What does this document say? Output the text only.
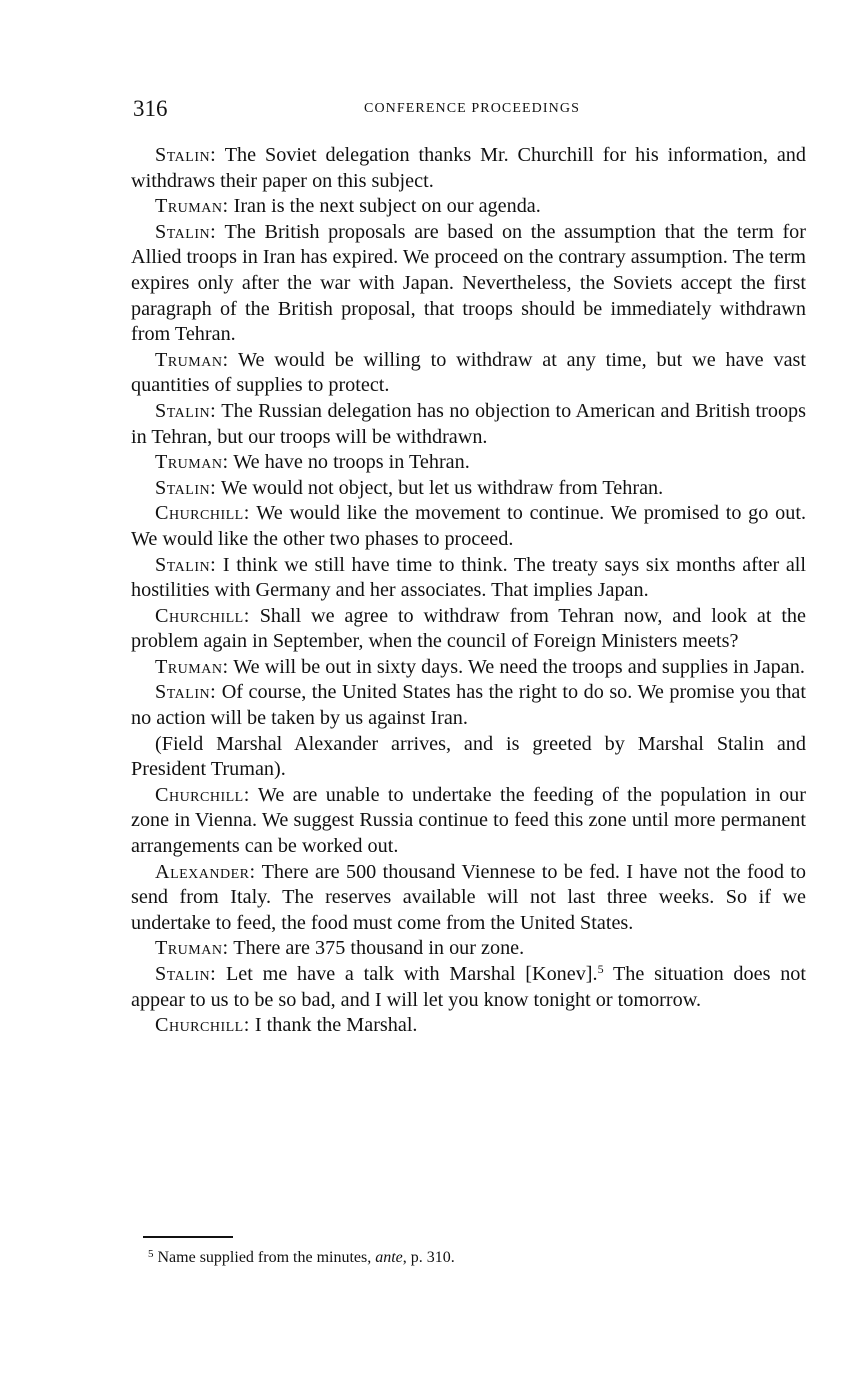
316	CONFERENCE PROCEEDINGS

Stalin: The Soviet delegation thanks Mr. Churchill for his information, and withdraws their paper on this subject.

Truman: Iran is the next subject on our agenda.

Stalin: The British proposals are based on the assumption that the term for Allied troops in Iran has expired. We proceed on the contrary assumption. The term expires only after the war with Japan. Nevertheless, the Soviets accept the first paragraph of the British proposal, that troops should be immediately withdrawn from Tehran.

Truman: We would be willing to withdraw at any time, but we have vast quantities of supplies to protect.

Stalin: The Russian delegation has no objection to American and British troops in Tehran, but our troops will be withdrawn.

Truman: We have no troops in Tehran.

Stalin: We would not object, but let us withdraw from Tehran.

Churchill: We would like the movement to continue. We promised to go out. We would like the other two phases to proceed.

Stalin: I think we still have time to think. The treaty says six months after all hostilities with Germany and her associates. That implies Japan.

Churchill: Shall we agree to withdraw from Tehran now, and look at the problem again in September, when the council of Foreign Ministers meets?

Truman: We will be out in sixty days. We need the troops and supplies in Japan.

Stalin: Of course, the United States has the right to do so. We promise you that no action will be taken by us against Iran.

(Field Marshal Alexander arrives, and is greeted by Marshal Stalin and President Truman).

Churchill: We are unable to undertake the feeding of the population in our zone in Vienna. We suggest Russia continue to feed this zone until more permanent arrangements can be worked out.

Alexander: There are 500 thousand Viennese to be fed. I have not the food to send from Italy. The reserves available will not last three weeks. So if we undertake to feed, the food must come from the United States.

Truman: There are 375 thousand in our zone.

Stalin: Let me have a talk with Marshal [Konev].$^5$ The situation does not appear to us to be so bad, and I will let you know tonight or tomorrow.

Churchill: I thank the Marshal.

$^5$ Name supplied from the minutes, ante, p. 310.
